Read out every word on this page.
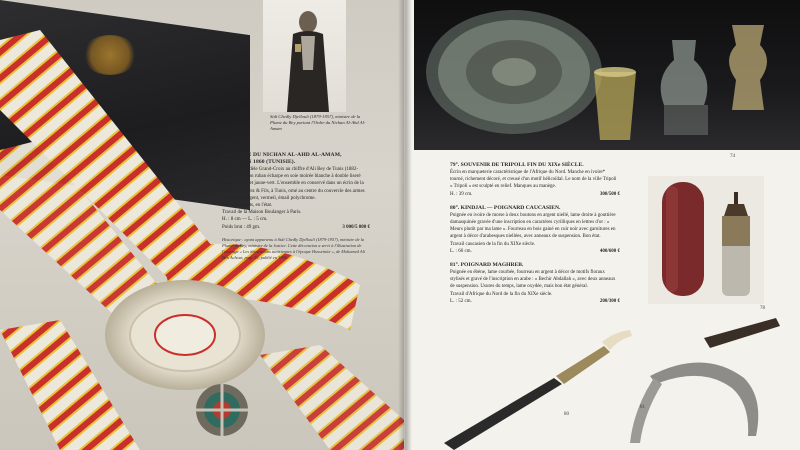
Sidi Chedly Djellouli (1879-1957), ministre de la Plume du Bey portant l'Ordre du Nichan Al-Ahd Al-Amam
68. ORDRE DU NICHAN AL-AHD AL-AMAM,
FONDÉ EN 1860 (TUNISIE).
Bijoux de modèle Grand-Croix au chiffre d'Ali Bey de Tunis (1882-1902), avec son ruban écharpe en soie moirée blanche à double liseré alterné rouge et jaune-vert. L'ensemble en conservé dans un écrin de la maison, M. Sfez & Fils, à Tunis, orné au centre du couvercle des armes beylicales. Argent, vermeil, émail polychrome.
Petits accidents, en l'état.
Travail de la Maison Boulanger à Paris.
H. : 8 cm — L. : 5 cm.
Poids brut : 49 gm.	3 000/5 000 €
Historique : ayant appartenu à Sidi Chedly Djellouli (1879-1957), ministre de la Plume du Bey, ministre de la Justice. Cette décoration a servi à l'illustration de l'ouvrage « Les décorations tunisiennes à l'époque Husseinite », de Mohamed Ali Ben Achour, page 33, publié en 1996.
74
79°. SOUVENIR DE TRIPOLI. FIN DU XIXe SIÈCLE.
Écrin en marqueterie caractéristique de l'Afrique du Nord. Manche en ivoire* tourné, richement décoré, et creusé d'un motif hélicoïdal. Le nom de la ville Tripoli « Tripoli » est sculpté en relief. Manques au manège.
H. : 39 cm.	300/500 €
80°. KINDJAL — POIGNARD CAUCASIEN.
Poignée en ivoire de morse à deux boutons en argent niellé, lame droite à gouttière damasquinée gravée d'une inscription en caractères cyrilliques en lettres d'or : « Meurs plutôt par ma lame ». Fourreau en bois gainé en cuir noir avec garnitures en argent à décor d'arabesques niellées, avec anneaux de suspension. Bon état.
Travail caucasien de la fin du XIXe siècle.
L. : 66 cm.	400/600 €
81°. POIGNARD MAGHREB.
Poignée en ébène, lame courbée, fourreau en argent à décor de motifs floraux stylisés et gravé de l'inscription en arabe : « Bechir Abdallah », avec deux anneaux de suspension. Usures du temps, lame oxydée, mais bon état général.
Travail d'Afrique du Nord de la fin du XIXe siècle.
L. : 52 cm.	200/300 €
78
80
81
